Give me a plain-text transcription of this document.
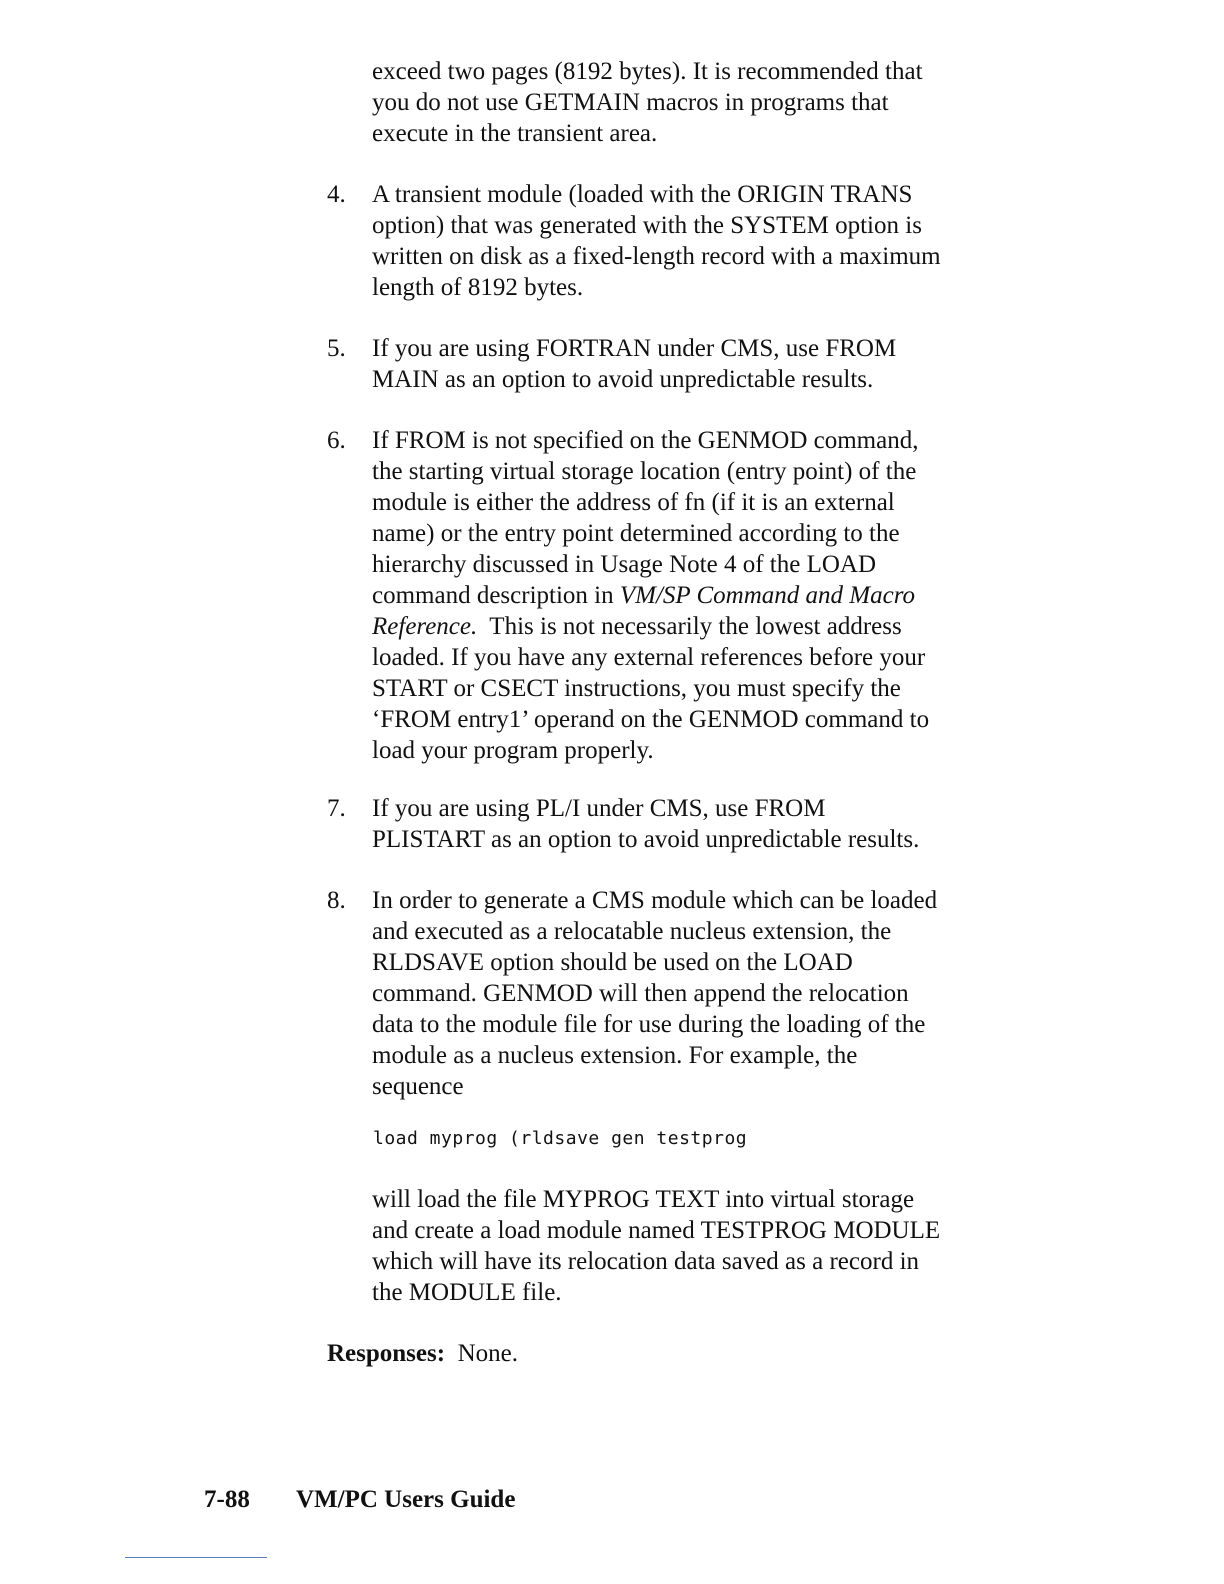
exceed two pages (8192 bytes). It is recommended that
you do not use GETMAIN macros in programs that
execute in the transient area.
4.	A transient module (loaded with the ORIGIN TRANS
option) that was generated with the SYSTEM option is
written on disk as a fixed-length record with a maximum
length of 8192 bytes.
5.	If you are using FORTRAN under CMS, use FROM
MAIN as an option to avoid unpredictable results.
6.	If FROM is not specified on the GENMOD command,
the starting virtual storage location (entry point) of the
module is either the address of fn (if it is an external
name) or the entry point determined according to the
hierarchy discussed in Usage Note 4 of the LOAD
command description in VM/SP Command and Macro
Reference.  This is not necessarily the lowest address
loaded. If you have any external references before your
START or CSECT instructions, you must specify the
‘FROM entry1’ operand on the GENMOD command to
load your program properly.
7.	If you are using PL/I under CMS, use FROM
PLISTART as an option to avoid unpredictable results.
8.	In order to generate a CMS module which can be loaded
and executed as a relocatable nucleus extension, the
RLDSAVE option should be used on the LOAD
command. GENMOD will then append the relocation
data to the module file for use during the loading of the
module as a nucleus extension. For example, the
sequence
load myprog (rldsave gen testprog
will load the file MYPROG TEXT into virtual storage
and create a load module named TESTPROG MODULE
which will have its relocation data saved as a record in
the MODULE file.
Responses: None.
7-88 VM/PC Users Guide
